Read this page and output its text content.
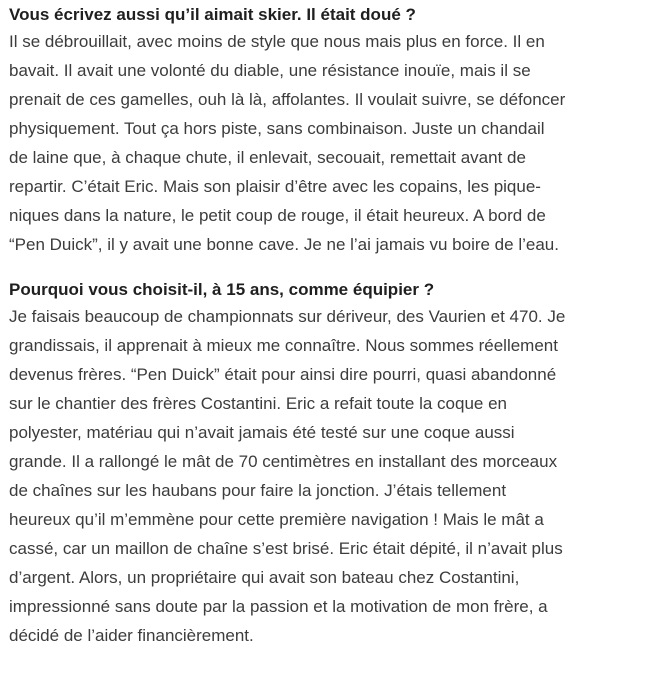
Vous écrivez aussi qu’il aimait skier. Il était doué ?

Il se débrouillait, avec moins de style que nous mais plus en force. Il en
bavait. Il avait une volonté du diable, une résistance inouïe, mais il se
prenait de ces gamelles, ouh là là, affolantes. Il voulait suivre, se défoncer
physiquement. Tout ça hors piste, sans combinaison. Juste un chandail
de laine que, à chaque chute, il enlevait, secouait, remettait avant de
repartir. C’était Eric. Mais son plaisir d’être avec les copains, les pique-
niques dans la nature, le petit coup de rouge, il était heureux. A bord de
“Pen Duick”, il y avait une bonne cave. Je ne l’ai jamais vu boire de l’eau.

Pourquoi vous choisit-il, à 15 ans, comme équipier ?

Je faisais beaucoup de championnats sur dériveur, des Vaurien et 470. Je
grandissais, il apprenait à mieux me connaître. Nous sommes réellement
devenus frères. “Pen Duick” était pour ainsi dire pourri, quasi abandonné
sur le chantier des frères Costantini. Eric a refait toute la coque en
polyester, matériau qui n’avait jamais été testé sur une coque aussi
grande. Il a rallongé le mât de 70 centimètres en installant des morceaux
de chaînes sur les haubans pour faire la jonction. J’étais tellement
heureux qu’il m’emmène pour cette première navigation ! Mais le mât a
cassé, car un maillon de chaîne s’est brisé. Eric était dépité, il n’avait plus
d’argent. Alors, un propriétaire qui avait son bateau chez Costantini,
impressionné sans doute par la passion et la motivation de mon frère, a
décidé de l’aider financièrement.
